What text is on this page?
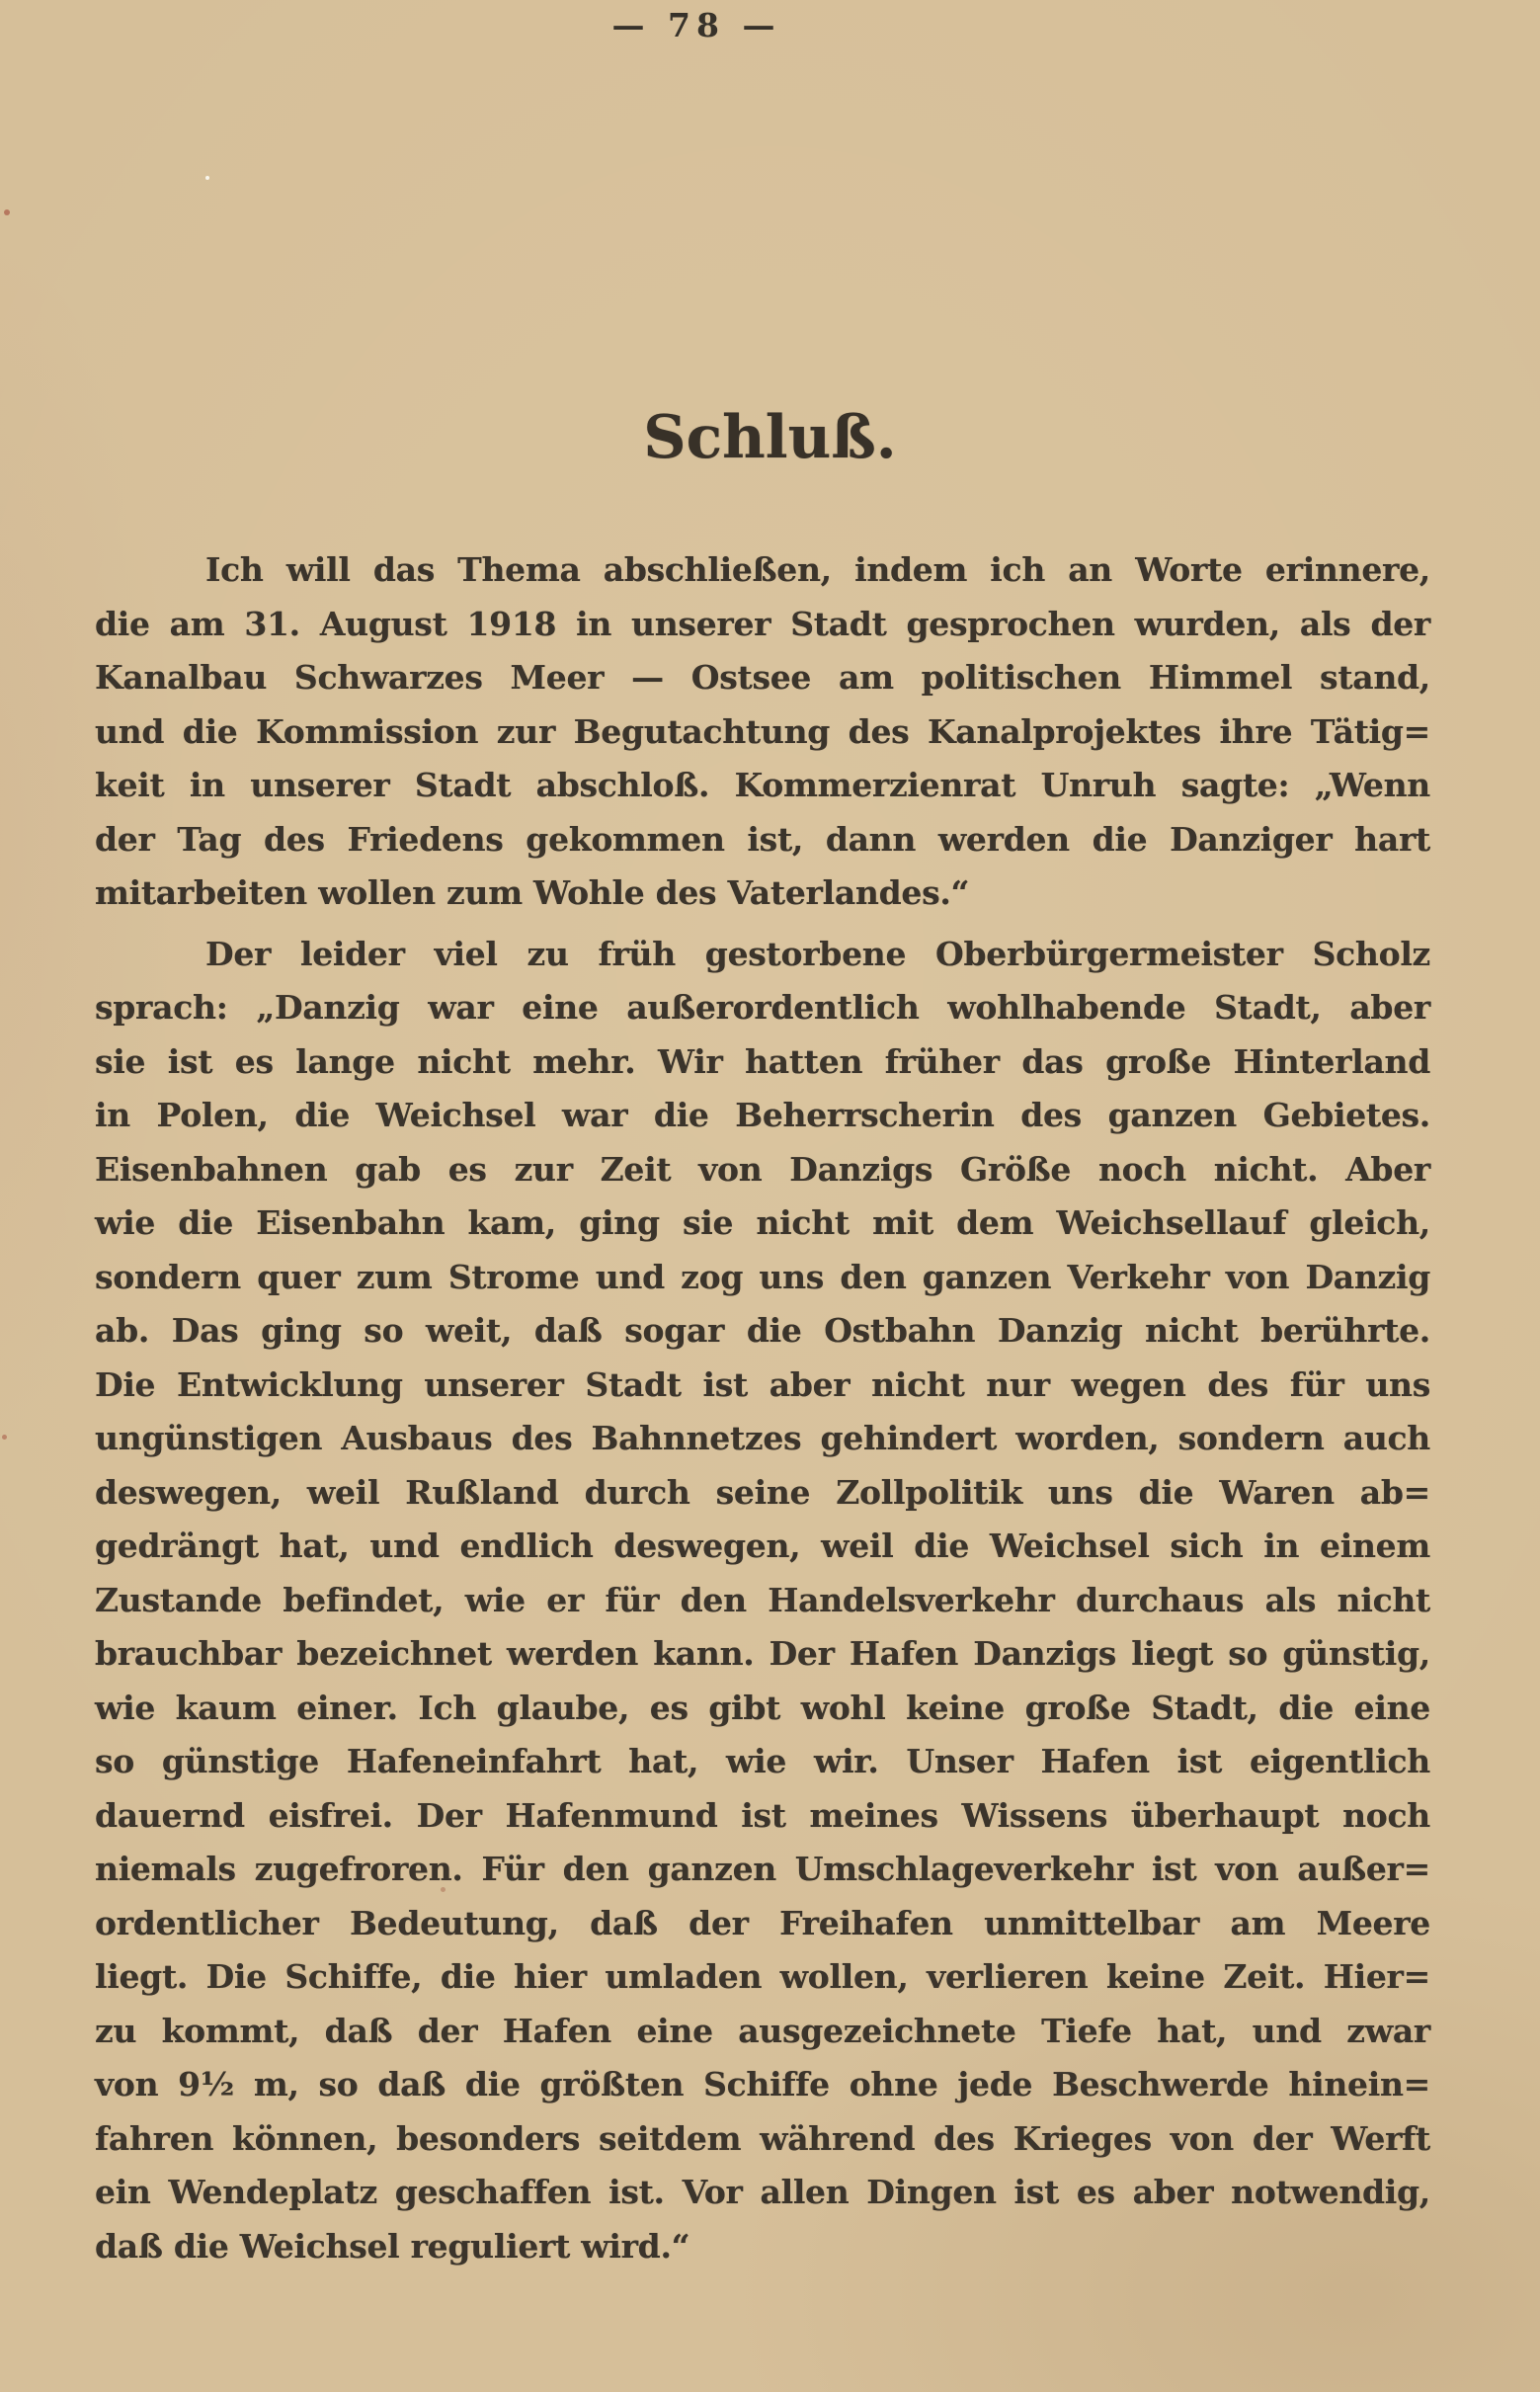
— 78 —
Schluß.
Ich will das Thema abschließen, indem ich an Worte erinnere,
die am 31. August 1918 in unserer Stadt gesprochen wurden, als der
Kanalbau Schwarzes Meer — Ostsee am politischen Himmel stand,
und die Kommission zur Begutachtung des Kanalprojektes ihre Tätig=
keit in unserer Stadt abschloß. Kommerzienrat Unruh sagte: „Wenn
der Tag des Friedens gekommen ist, dann werden die Danziger hart
mitarbeiten wollen zum Wohle des Vaterlandes.“
Der leider viel zu früh gestorbene Oberbürgermeister Scholz
sprach: „Danzig war eine außerordentlich wohlhabende Stadt, aber
sie ist es lange nicht mehr. Wir hatten früher das große Hinterland
in Polen, die Weichsel war die Beherrscherin des ganzen Gebietes.
Eisenbahnen gab es zur Zeit von Danzigs Größe noch nicht. Aber
wie die Eisenbahn kam, ging sie nicht mit dem Weichsellauf gleich,
sondern quer zum Strome und zog uns den ganzen Verkehr von Danzig
ab. Das ging so weit, daß sogar die Ostbahn Danzig nicht berührte.
Die Entwicklung unserer Stadt ist aber nicht nur wegen des für uns
ungünstigen Ausbaus des Bahnnetzes gehindert worden, sondern auch
deswegen, weil Rußland durch seine Zollpolitik uns die Waren ab=
gedrängt hat, und endlich deswegen, weil die Weichsel sich in einem
Zustande befindet, wie er für den Handelsverkehr durchaus als nicht
brauchbar bezeichnet werden kann. Der Hafen Danzigs liegt so günstig,
wie kaum einer. Ich glaube, es gibt wohl keine große Stadt, die eine
so günstige Hafeneinfahrt hat, wie wir. Unser Hafen ist eigentlich
dauernd eisfrei. Der Hafenmund ist meines Wissens überhaupt noch
niemals zugefroren. Für den ganzen Umschlageverkehr ist von außer=
ordentlicher Bedeutung, daß der Freihafen unmittelbar am Meere
liegt. Die Schiffe, die hier umladen wollen, verlieren keine Zeit. Hier=
zu kommt, daß der Hafen eine ausgezeichnete Tiefe hat, und zwar
von 9½ m, so daß die größten Schiffe ohne jede Beschwerde hinein=
fahren können, besonders seitdem während des Krieges von der Werft
ein Wendeplatz geschaffen ist. Vor allen Dingen ist es aber notwendig,
daß die Weichsel reguliert wird.“
